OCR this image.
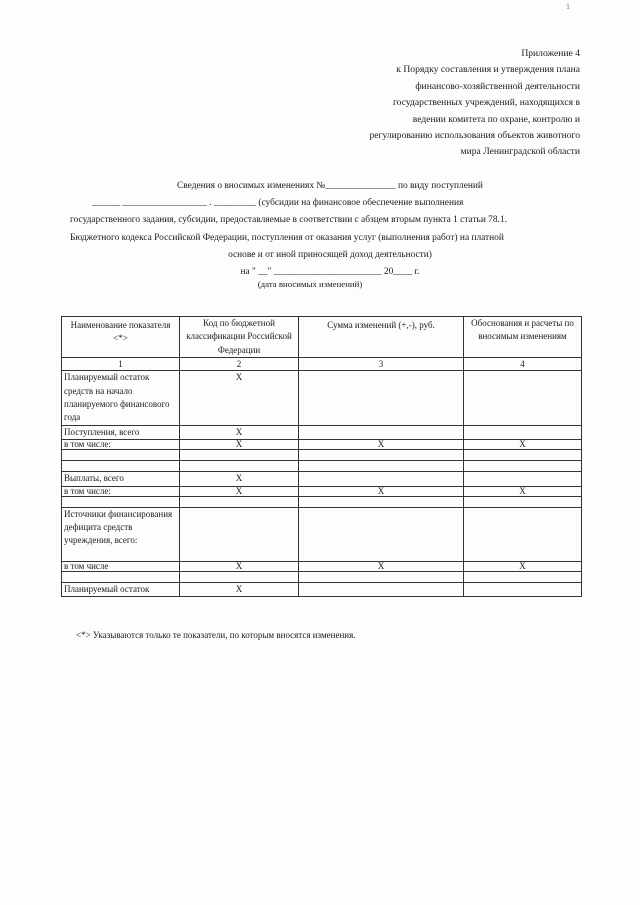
1
Приложение 4
к Порядку составления и утверждения плана
финансово-хозяйственной деятельности
государственных учреждений, находящихся в
ведении комитета по охране, контролю и
регулированию использования объектов животного
мира Ленинградской области
Сведения о вносимых изменениях №_______________ по виду поступлений
______ __________________ . _________ (субсидии на финансовое обеспечение выполнения
государственного задания, субсидии, предоставляемые в соответствии с абзцем вторым пункта 1 статьи 78.1.
Бюджетного кодекса Российской Федерации, поступления от оказания услуг (выполнения работ) на платной
основе и от иной приносящей доход деятельности)
на " __" _______________________ 20____ г.
(дата вносимых изменений)
Наименование показателя <*>	Код по бюджетной классификации Российской Федерации	Сумма изменений (+,-), руб.	Обоснования и расчеты по вносимым изменениям
1	2	3	4
Планируемый остаток средств на начало планируемого финансового года	X		
Поступления, всего	X		
в том числе:	X	X	X

Выплаты, всего	X		
в том числе:	X	X	X

Источники финансирования дефицита средств учреждения, всего:			
в том числе	X	X	X

Планируемый остаток	X		
<*> Указываются только те показатели, по которым вносятся изменения.
